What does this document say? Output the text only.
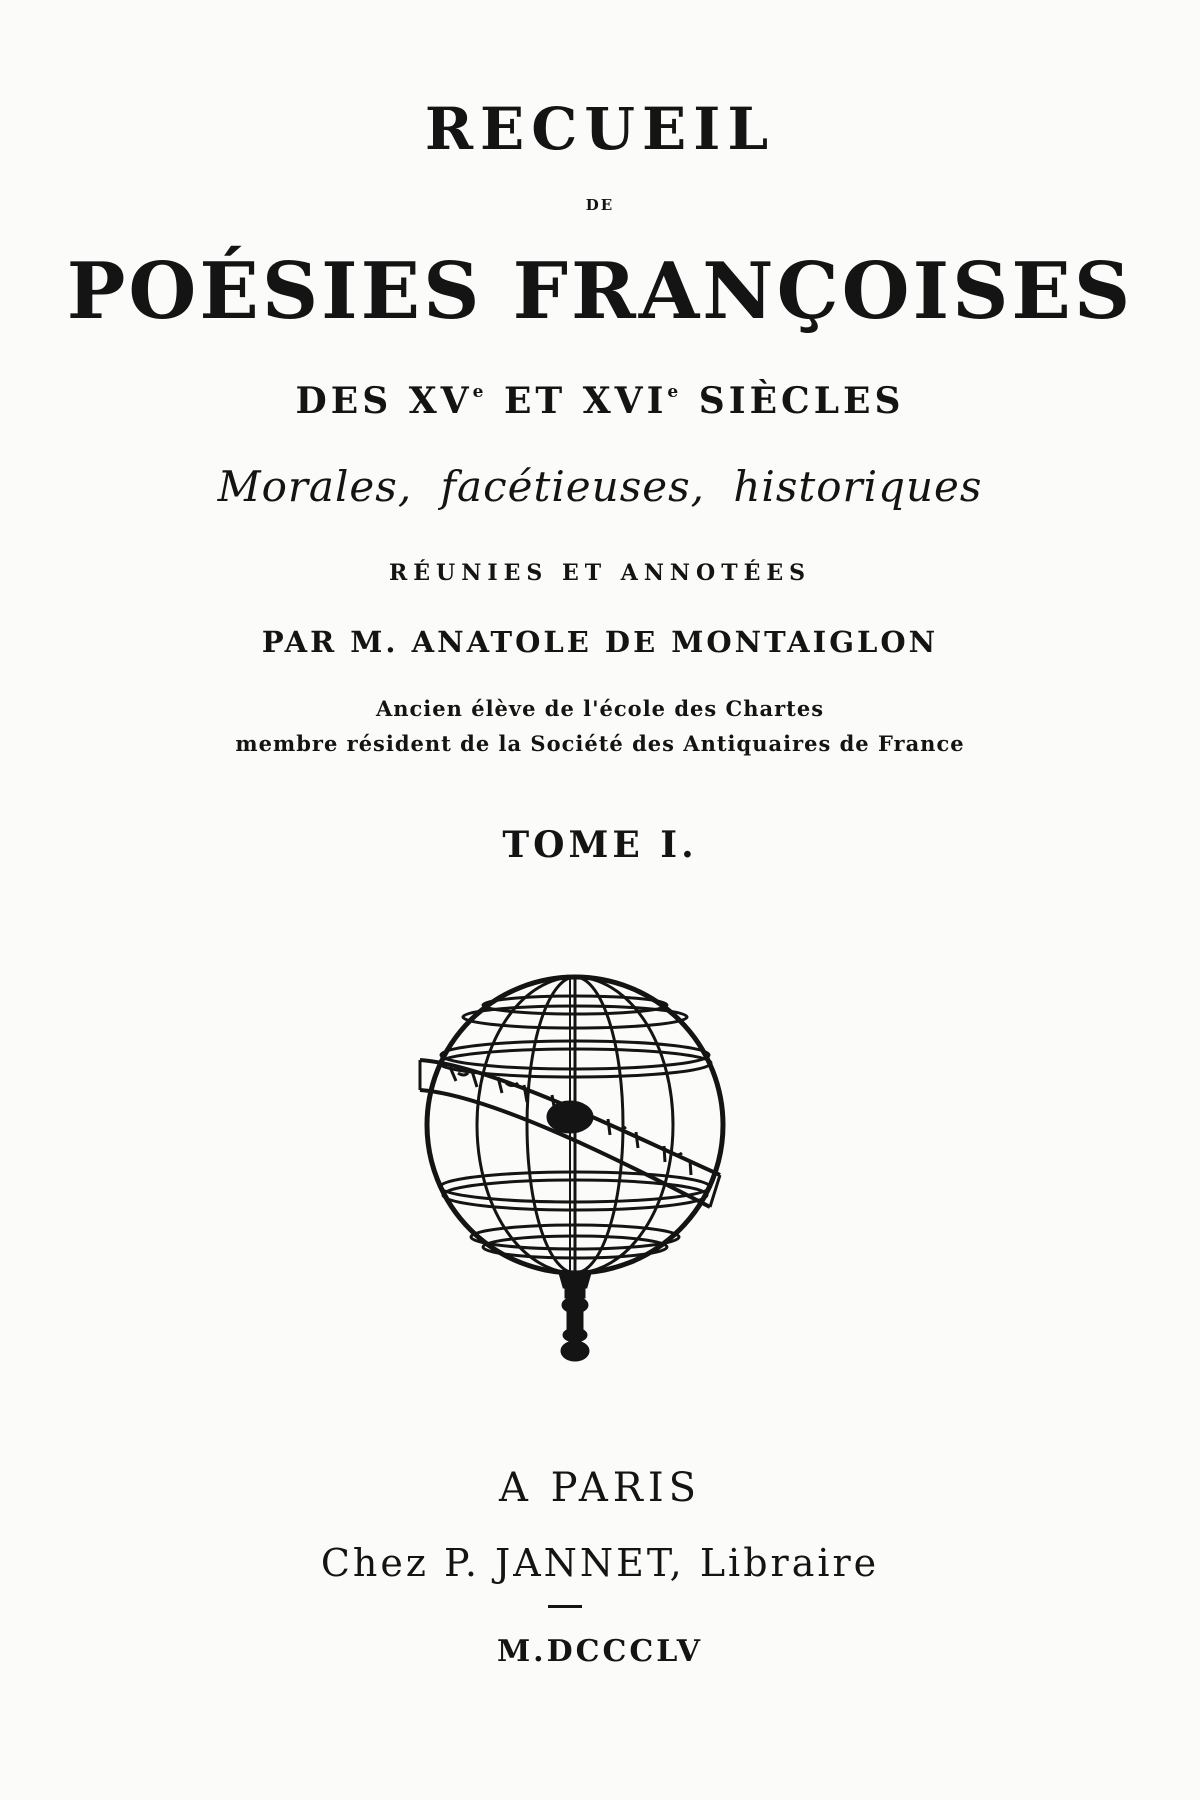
RECUEIL
DE
POÉSIES FRANÇOISES
DES XVe ET XVIe SIÈCLES
Morales, facétieuses, historiques
RÉUNIES ET ANNOTÉES
PAR M. ANATOLE DE MONTAIGLON
Ancien élève de l'école des Chartes
membre résident de la Société des Antiquaires de France
TOME I.
A PARIS
Chez P. JANNET, Libraire
M.DCCCLV
